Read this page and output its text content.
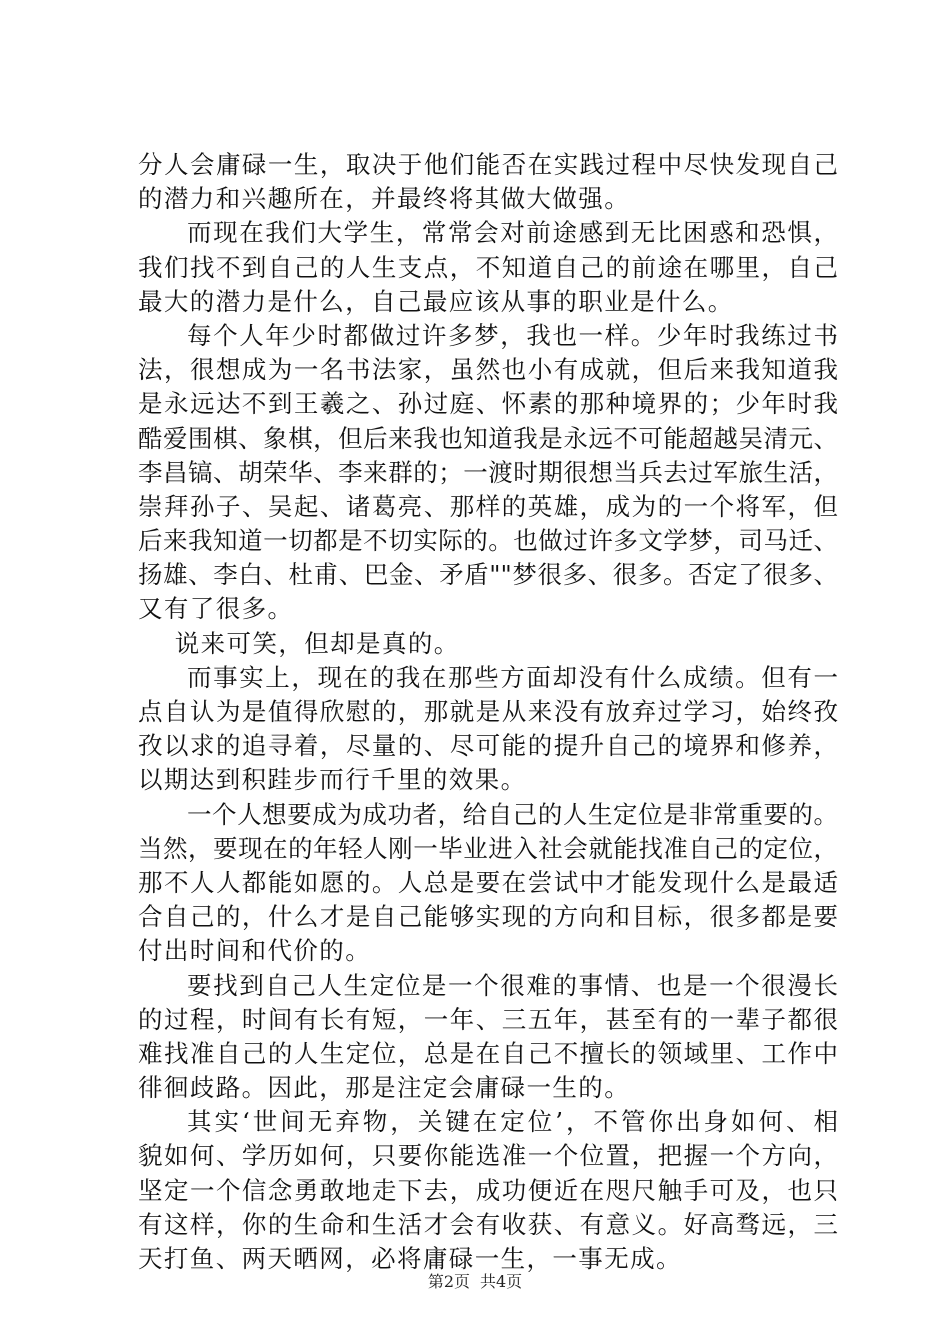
分人会庸碌一生，取决于他们能否在实践过程中尽快发现自己
的潜力和兴趣所在，并最终将其做大做强。
而现在我们大学生，常常会对前途感到无比困惑和恐惧，
我们找不到自己的人生支点，不知道自己的前途在哪里，自己
最大的潜力是什么，自己最应该从事的职业是什么。
每个人年少时都做过许多梦，我也一样。少年时我练过书
法，很想成为一名书法家，虽然也小有成就，但后来我知道我
是永远达不到王羲之、孙过庭、怀素的那种境界的；少年时我
酷爱围棋、象棋，但后来我也知道我是永远不可能超越吴清元、
李昌镐、胡荣华、李来群的；一渡时期很想当兵去过军旅生活，
崇拜孙子、吴起、诸葛亮、那样的英雄，成为的一个将军，但
后来我知道一切都是不切实际的。也做过许多文学梦，司马迁、
扬雄、李白、杜甫、巴金、矛盾""梦很多、很多。否定了很多、
又有了很多。
说来可笑，但却是真的。
而事实上，现在的我在那些方面却没有什么成绩。但有一
点自认为是值得欣慰的，那就是从来没有放弃过学习，始终孜
孜以求的追寻着，尽量的、尽可能的提升自己的境界和修养，
以期达到积跬步而行千里的效果。
一个人想要成为成功者，给自己的人生定位是非常重要的。
当然，要现在的年轻人刚一毕业进入社会就能找准自己的定位，
那不人人都能如愿的。人总是要在尝试中才能发现什么是最适
合自己的，什么才是自己能够实现的方向和目标，很多都是要
付出时间和代价的。
要找到自己人生定位是一个很难的事情、也是一个很漫长
的过程，时间有长有短，一年、三五年，甚至有的一辈子都很
难找准自己的人生定位，总是在自己不擅长的领域里、工作中
徘徊歧路。因此，那是注定会庸碌一生的。
其实‘世间无弃物，关键在定位’，不管你出身如何、相
貌如何、学历如何，只要你能选准一个位置，把握一个方向，
坚定一个信念勇敢地走下去，成功便近在咫尺触手可及，也只
有这样，你的生命和生活才会有收获、有意义。好高骛远，三
天打鱼、两天晒网，必将庸碌一生，一事无成。
第2页 共4页
